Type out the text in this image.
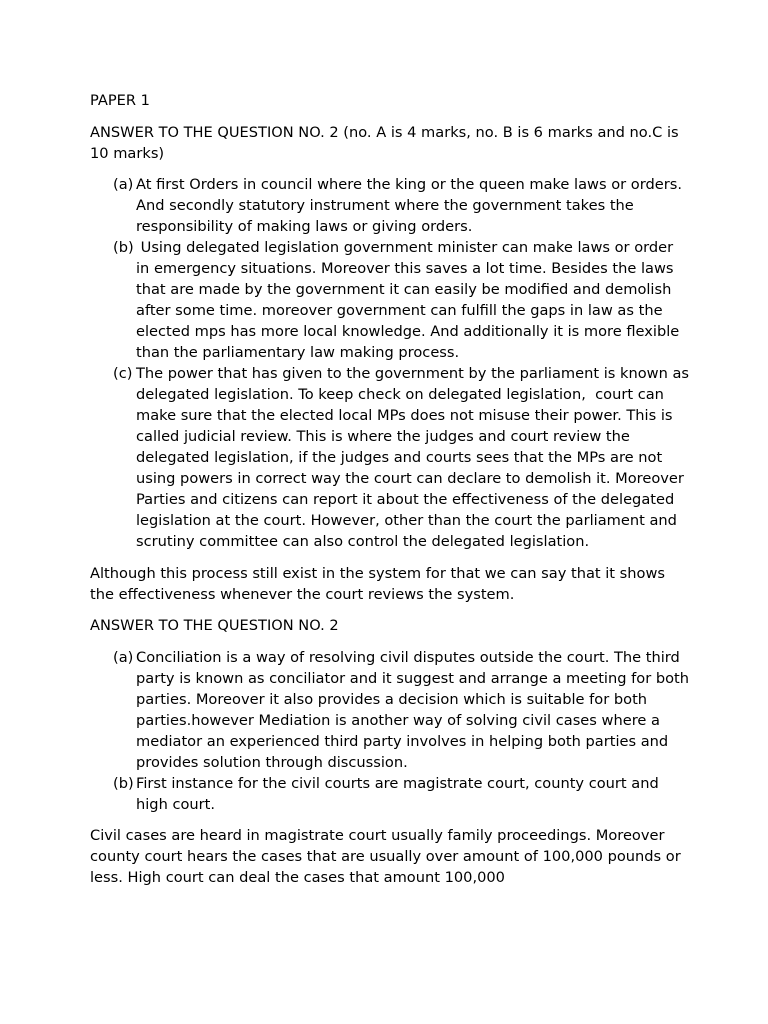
PAPER 1

ANSWER TO THE QUESTION NO. 2 (no. A is 4 marks, no. B is 6 marks and no.C is 10 marks)

(a) At first Orders in council where the king or the queen make laws or orders. And secondly statutory instrument where the government takes the responsibility of making laws or giving orders.
(b) Using delegated legislation government minister can make laws or order in emergency situations. Moreover this saves a lot time. Besides the laws that are made by the government it can easily be modified and demolish after some time. moreover government can fulfill the gaps in law as the elected mps has more local knowledge. And additionally it is more flexible than the parliamentary law making process.
(c) The power that has given to the government by the parliament is known as delegated legislation. To keep check on delegated legislation,  court can make sure that the elected local MPs does not misuse their power. This is called judicial review. This is where the judges and court review the delegated legislation, if the judges and courts sees that the MPs are not using powers in correct way the court can declare to demolish it. Moreover Parties and citizens can report it about the effectiveness of the delegated legislation at the court. However, other than the court the parliament and scrutiny committee can also control the delegated legislation.

Although this process still exist in the system for that we can say that it shows the effectiveness whenever the court reviews the system.

ANSWER TO THE QUESTION NO. 2

(a) Conciliation is a way of resolving civil disputes outside the court. The third party is known as conciliator and it suggest and arrange a meeting for both parties. Moreover it also provides a decision which is suitable for both parties.however Mediation is another way of solving civil cases where a mediator an experienced third party involves in helping both parties and provides solution through discussion.
(b) First instance for the civil courts are magistrate court, county court and high court.

Civil cases are heard in magistrate court usually family proceedings. Moreover county court hears the cases that are usually over amount of 100,000 pounds or less. High court can deal the cases that amount 100,000
